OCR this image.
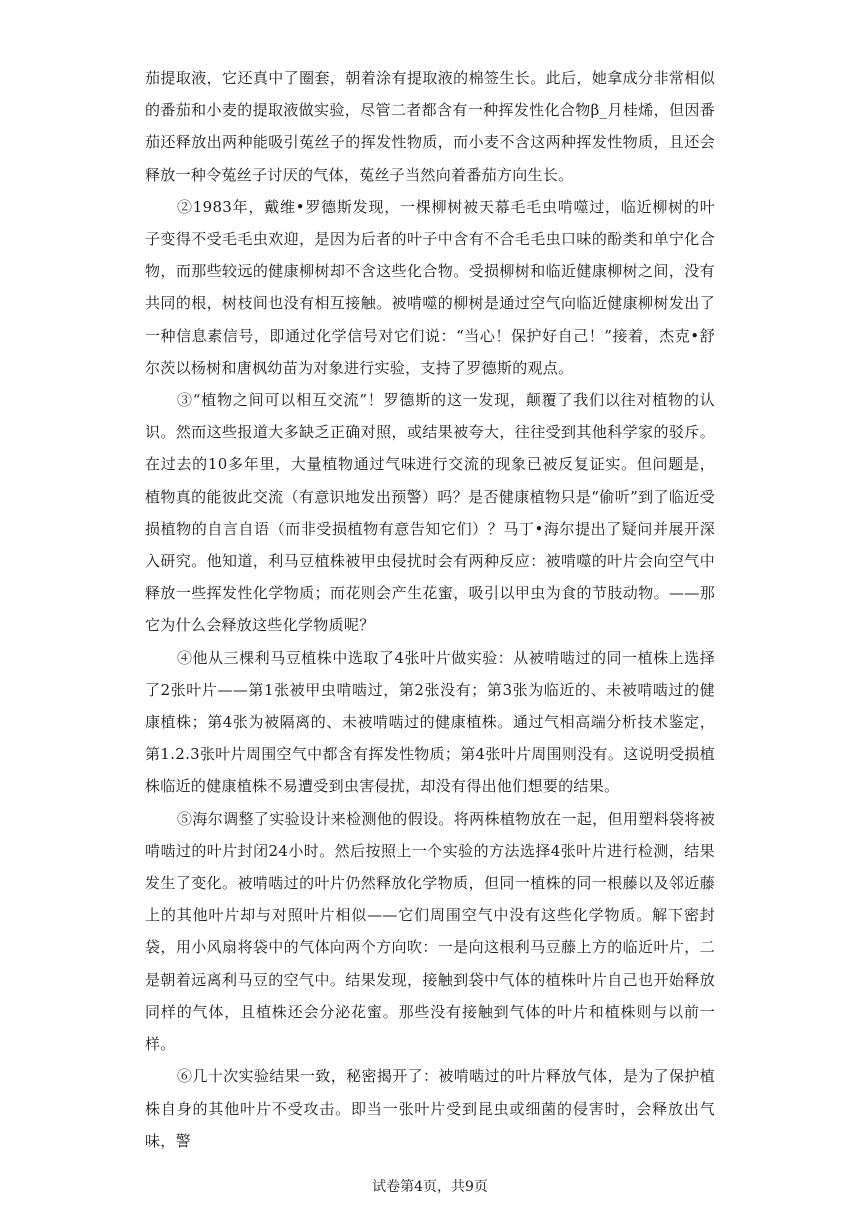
茄提取液，它还真中了圈套，朝着涂有提取液的棉签生长。此后，她拿成分非常相似的番茄和小麦的提取液做实验，尽管二者都含有一种挥发性化合物β_月桂烯，但因番茄还释放出两种能吸引菟丝子的挥发性物质，而小麦不含这两种挥发性物质，且还会释放一种令菟丝子讨厌的气体，菟丝子当然向着番茄方向生长。

②1983年，戴维•罗德斯发现，一棵柳树被天幕毛毛虫啃噬过，临近柳树的叶子变得不受毛毛虫欢迎，是因为后者的叶子中含有不合毛毛虫口味的酚类和单宁化合物，而那些较远的健康柳树却不含这些化合物。受损柳树和临近健康柳树之间，没有共同的根，树枝间也没有相互接触。被啃噬的柳树是通过空气向临近健康柳树发出了一种信息素信号，即通过化学信号对它们说：“当心！保护好自己！”接着，杰克•舒尔茨以杨树和唐枫幼苗为对象进行实验，支持了罗德斯的观点。

③“植物之间可以相互交流”！罗德斯的这一发现，颠覆了我们以往对植物的认识。然而这些报道大多缺乏正确对照，或结果被夸大，往往受到其他科学家的驳斥。在过去的10多年里，大量植物通过气味进行交流的现象已被反复证实。但问题是，植物真的能彼此交流（有意识地发出预警）吗？是否健康植物只是“偷听”到了临近受损植物的自言自语（而非受损植物有意告知它们）？马丁•海尔提出了疑问并展开深入研究。他知道，利马豆植株被甲虫侵扰时会有两种反应：被啃噬的叶片会向空气中释放一些挥发性化学物质；而花则会产生花蜜，吸引以甲虫为食的节肢动物。——那它为什么会释放这些化学物质呢？

④他从三棵利马豆植株中选取了4张叶片做实验：从被啃啮过的同一植株上选择了2张叶片——第1张被甲虫啃啮过，第2张没有；第3张为临近的、未被啃啮过的健康植株；第4张为被隔离的、未被啃啮过的健康植株。通过气相高端分析技术鉴定，第1.2.3张叶片周围空气中都含有挥发性物质；第4张叶片周围则没有。这说明受损植株临近的健康植株不易遭受到虫害侵扰，却没有得出他们想要的结果。

⑤海尔调整了实验设计来检测他的假设。将两株植物放在一起，但用塑料袋将被啃啮过的叶片封闭24小时。然后按照上一个实验的方法选择4张叶片进行检测，结果发生了变化。被啃啮过的叶片仍然释放化学物质，但同一植株的同一根藤以及邻近藤上的其他叶片却与对照叶片相似——它们周围空气中没有这些化学物质。解下密封袋，用小风扇将袋中的气体向两个方向吹：一是向这根利马豆藤上方的临近叶片，二是朝着远离利马豆的空气中。结果发现，接触到袋中气体的植株叶片自己也开始释放同样的气体，且植株还会分泌花蜜。那些没有接触到气体的叶片和植株则与以前一样。

⑥几十次实验结果一致，秘密揭开了：被啃啮过的叶片释放气体，是为了保护植株自身的其他叶片不受攻击。即当一张叶片受到昆虫或细菌的侵害时，会释放出气味，警

试卷第4页，共9页
